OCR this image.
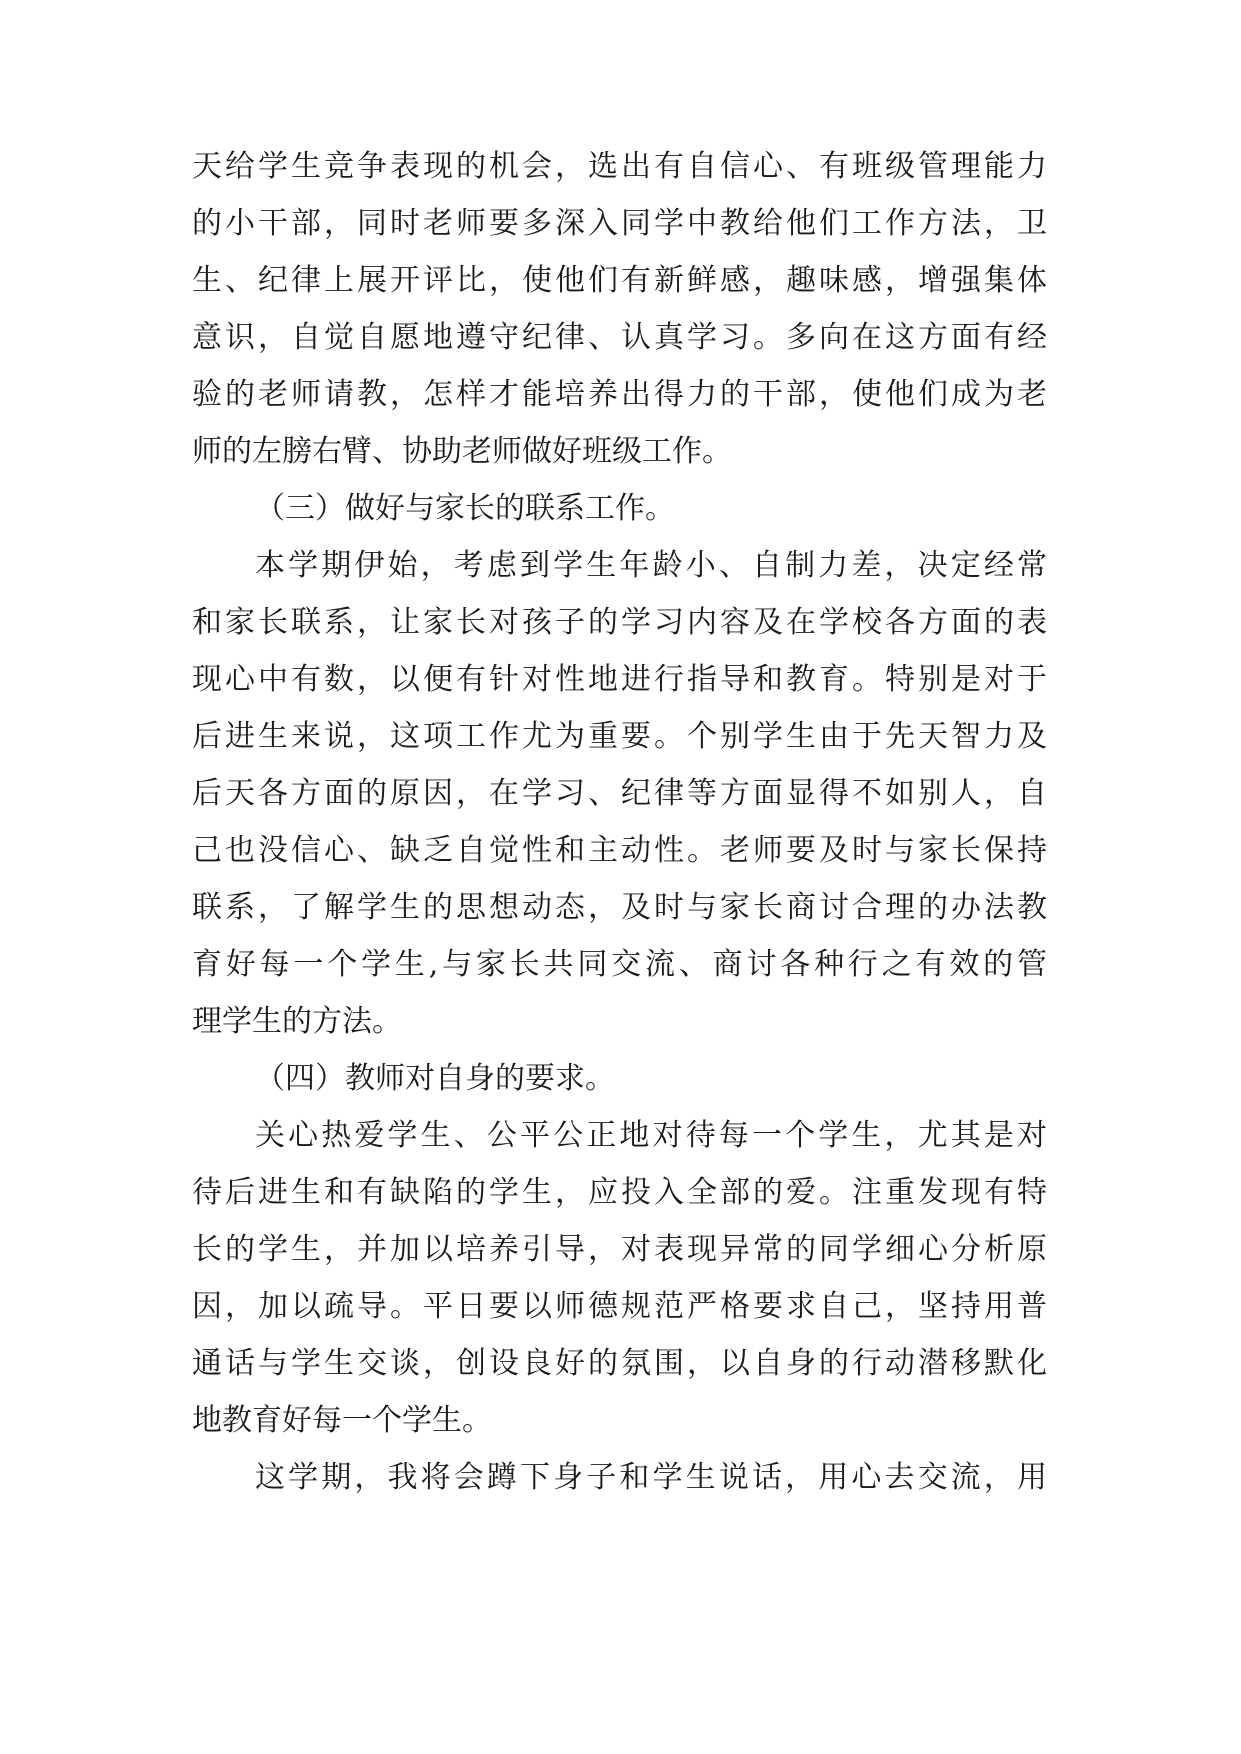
天给学生竞争表现的机会，选出有自信心、有班级管理能力

的小干部，同时老师要多深入同学中教给他们工作方法，卫

生、纪律上展开评比，使他们有新鲜感，趣味感，增强集体

意识，自觉自愿地遵守纪律、认真学习。多向在这方面有经

验的老师请教，怎样才能培养出得力的干部，使他们成为老

师的左膀右臂、协助老师做好班级工作。

（三）做好与家长的联系工作。

本学期伊始，考虑到学生年龄小、自制力差，决定经常

和家长联系，让家长对孩子的学习内容及在学校各方面的表

现心中有数，以便有针对性地进行指导和教育。特别是对于

后进生来说，这项工作尤为重要。个别学生由于先天智力及

后天各方面的原因，在学习、纪律等方面显得不如别人，自

己也没信心、缺乏自觉性和主动性。老师要及时与家长保持

联系，了解学生的思想动态，及时与家长商讨合理的办法教

育好每一个学生,与家长共同交流、商讨各种行之有效的管

理学生的方法。

（四）教师对自身的要求。

关心热爱学生、公平公正地对待每一个学生，尤其是对

待后进生和有缺陷的学生，应投入全部的爱。注重发现有特

长的学生，并加以培养引导，对表现异常的同学细心分析原

因，加以疏导。平日要以师德规范严格要求自己，坚持用普

通话与学生交谈，创设良好的氛围，以自身的行动潜移默化

地教育好每一个学生。

这学期，我将会蹲下身子和学生说话，用心去交流，用
